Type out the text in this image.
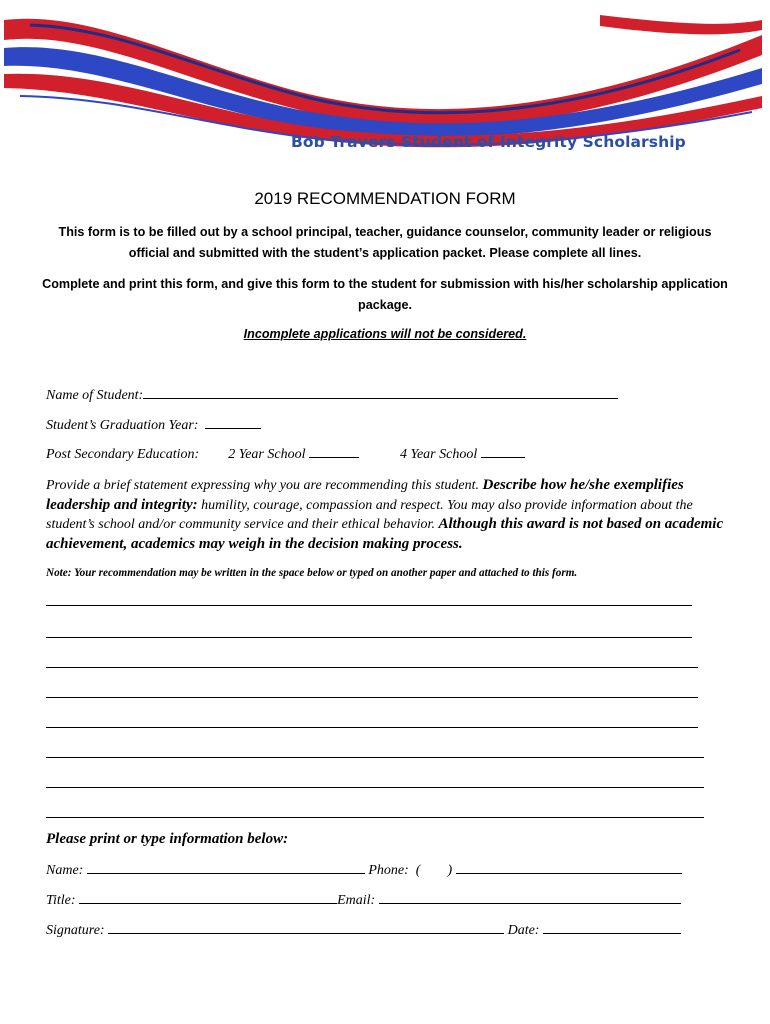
Bob Travers Student of Integrity Scholarship
2019 RECOMMENDATION FORM
This form is to be filled out by a school principal, teacher, guidance counselor, community leader or religious official and submitted with the student’s application packet. Please complete all lines.
Complete and print this form, and give this form to the student for submission with his/her scholarship application package.
Incomplete applications will not be considered.
Name of Student:
Student’s Graduation Year:
Post Secondary Education: 2 Year School	4 Year School
Provide a brief statement expressing why you are recommending this student. Describe how he/she exemplifies leadership and integrity: humility, courage, compassion and respect. You may also provide information about the student’s school and/or community service and their ethical behavior. Although this award is not based on academic achievement, academics may weigh in the decision making process.
Note: Your recommendation may be written in the space below or typed on another paper and attached to this form.
Please print or type information below:
Name:	Phone: ( )
Title:	Email:
Signature:	Date:
